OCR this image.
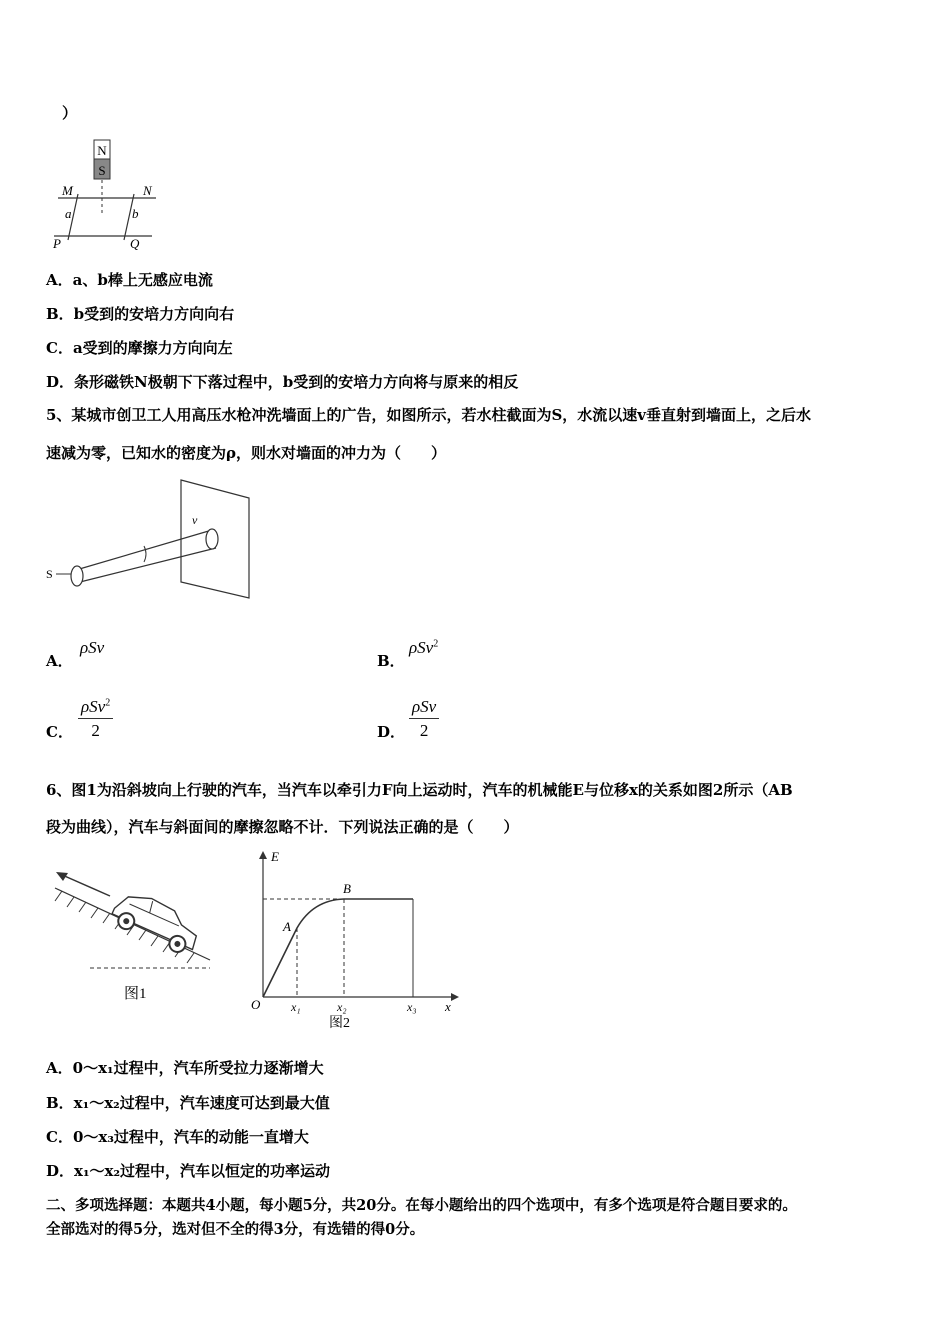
）
N
S
M	N
a	b
P	Q
A．a、b棒上无感应电流
B．b受到的安培力方向向右
C．a受到的摩擦力方向向左
D．条形磁铁N极朝下下落过程中，b受到的安培力方向将与原来的相反
5、某城市创卫工人用高压水枪冲洗墙面上的广告，如图所示，若水柱截面为S，水流以速v垂直射到墙面上，之后水
速减为零，已知水的密度为ρ，则水对墙面的冲力为（　　）
S
v
A．
ρSv
B．
ρSv$^2$
C． $\frac{\rho Sv^2}{2}$	D． $\frac{\text{ρSv}}{2}$
6、图1为沿斜坡向上行驶的汽车，当汽车以牵引力F向上运动时，汽车的机械能E与位移x的关系如图2所示（AB
段为曲线），汽车与斜面间的摩擦忽略不计．下列说法正确的是（　　）
图1
E
x
O
A
B
x₁	x₂	x₃
图2
A．0～x₁过程中，汽车所受拉力逐渐增大
B．x₁～x₂过程中，汽车速度可达到最大值
C．0～x₃过程中，汽车的动能一直增大
D．x₁～x₂过程中，汽车以恒定的功率运动
二、多项选择题：本题共4小题，每小题5分，共20分。在每小题给出的四个选项中，有多个选项是符合题目要求的。
全部选对的得5分，选对但不全的得3分，有选错的得0分。
